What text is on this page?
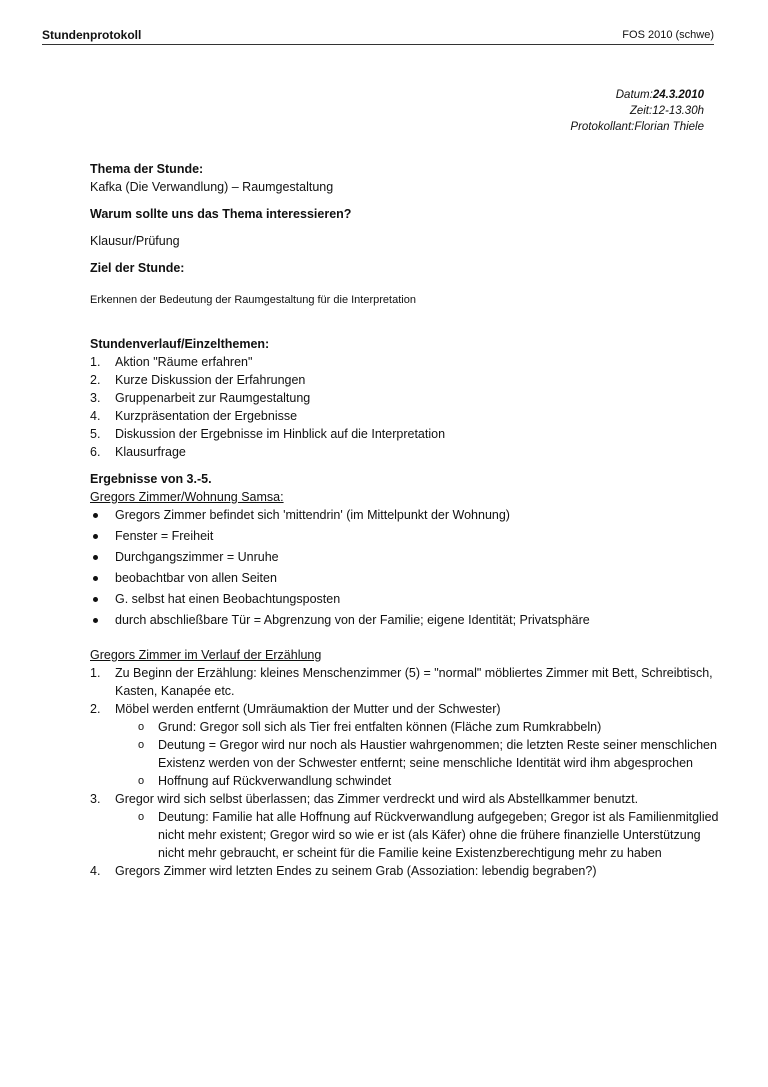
Stundenprotokoll	FOS 2010 (schwe)
Datum:24.3.2010
Zeit:12-13.30h
Protokollant:Florian Thiele
Thema der Stunde:
Kafka (Die Verwandlung) – Raumgestaltung
Warum sollte uns das Thema interessieren?
Klausur/Prüfung
Ziel der Stunde:
Erkennen der Bedeutung der Raumgestaltung für die Interpretation
Stundenverlauf/Einzelthemen:
1. Aktion "Räume erfahren"
2. Kurze Diskussion der Erfahrungen
3. Gruppenarbeit zur Raumgestaltung
4. Kurzpräsentation der Ergebnisse
5. Diskussion der Ergebnisse im Hinblick auf die Interpretation
6. Klausurfrage
Ergebnisse von 3.-5.
Gregors Zimmer/Wohnung Samsa:
Gregors Zimmer befindet sich 'mittendrin' (im Mittelpunkt der Wohnung)
Fenster = Freiheit
Durchgangszimmer = Unruhe
beobachtbar von allen Seiten
G. selbst hat einen Beobachtungsposten
durch abschließbare Tür = Abgrenzung von der Familie; eigene Identität; Privatsphäre
Gregors Zimmer im Verlauf der Erzählung
1. Zu Beginn der Erzählung: kleines Menschenzimmer (5) = "normal" möbliertes Zimmer mit Bett, Schreibtisch, Kasten, Kanapée etc.
2. Möbel werden entfernt (Umräumaktion der Mutter und der Schwester)
o Grund: Gregor soll sich als Tier frei entfalten können (Fläche zum Rumkrabbeln)
o Deutung = Gregor wird nur noch als Haustier wahrgenommen; die letzten Reste seiner menschlichen Existenz werden von der Schwester entfernt; seine menschliche Identität wird ihm abgesprochen
o Hoffnung auf Rückverwandlung schwindet
3. Gregor wird sich selbst überlassen; das Zimmer verdreckt und wird als Abstellkammer benutzt.
o Deutung: Familie hat alle Hoffnung auf Rückverwandlung aufgegeben; Gregor ist als Familienmitglied nicht mehr existent; Gregor wird so wie er ist (als Käfer) ohne die frühere finanzielle Unterstützung nicht mehr gebraucht, er scheint für die Familie keine Existenzberechtigung mehr zu haben
4. Gregors Zimmer wird letzten Endes zu seinem Grab (Assoziation: lebendig begraben?)
